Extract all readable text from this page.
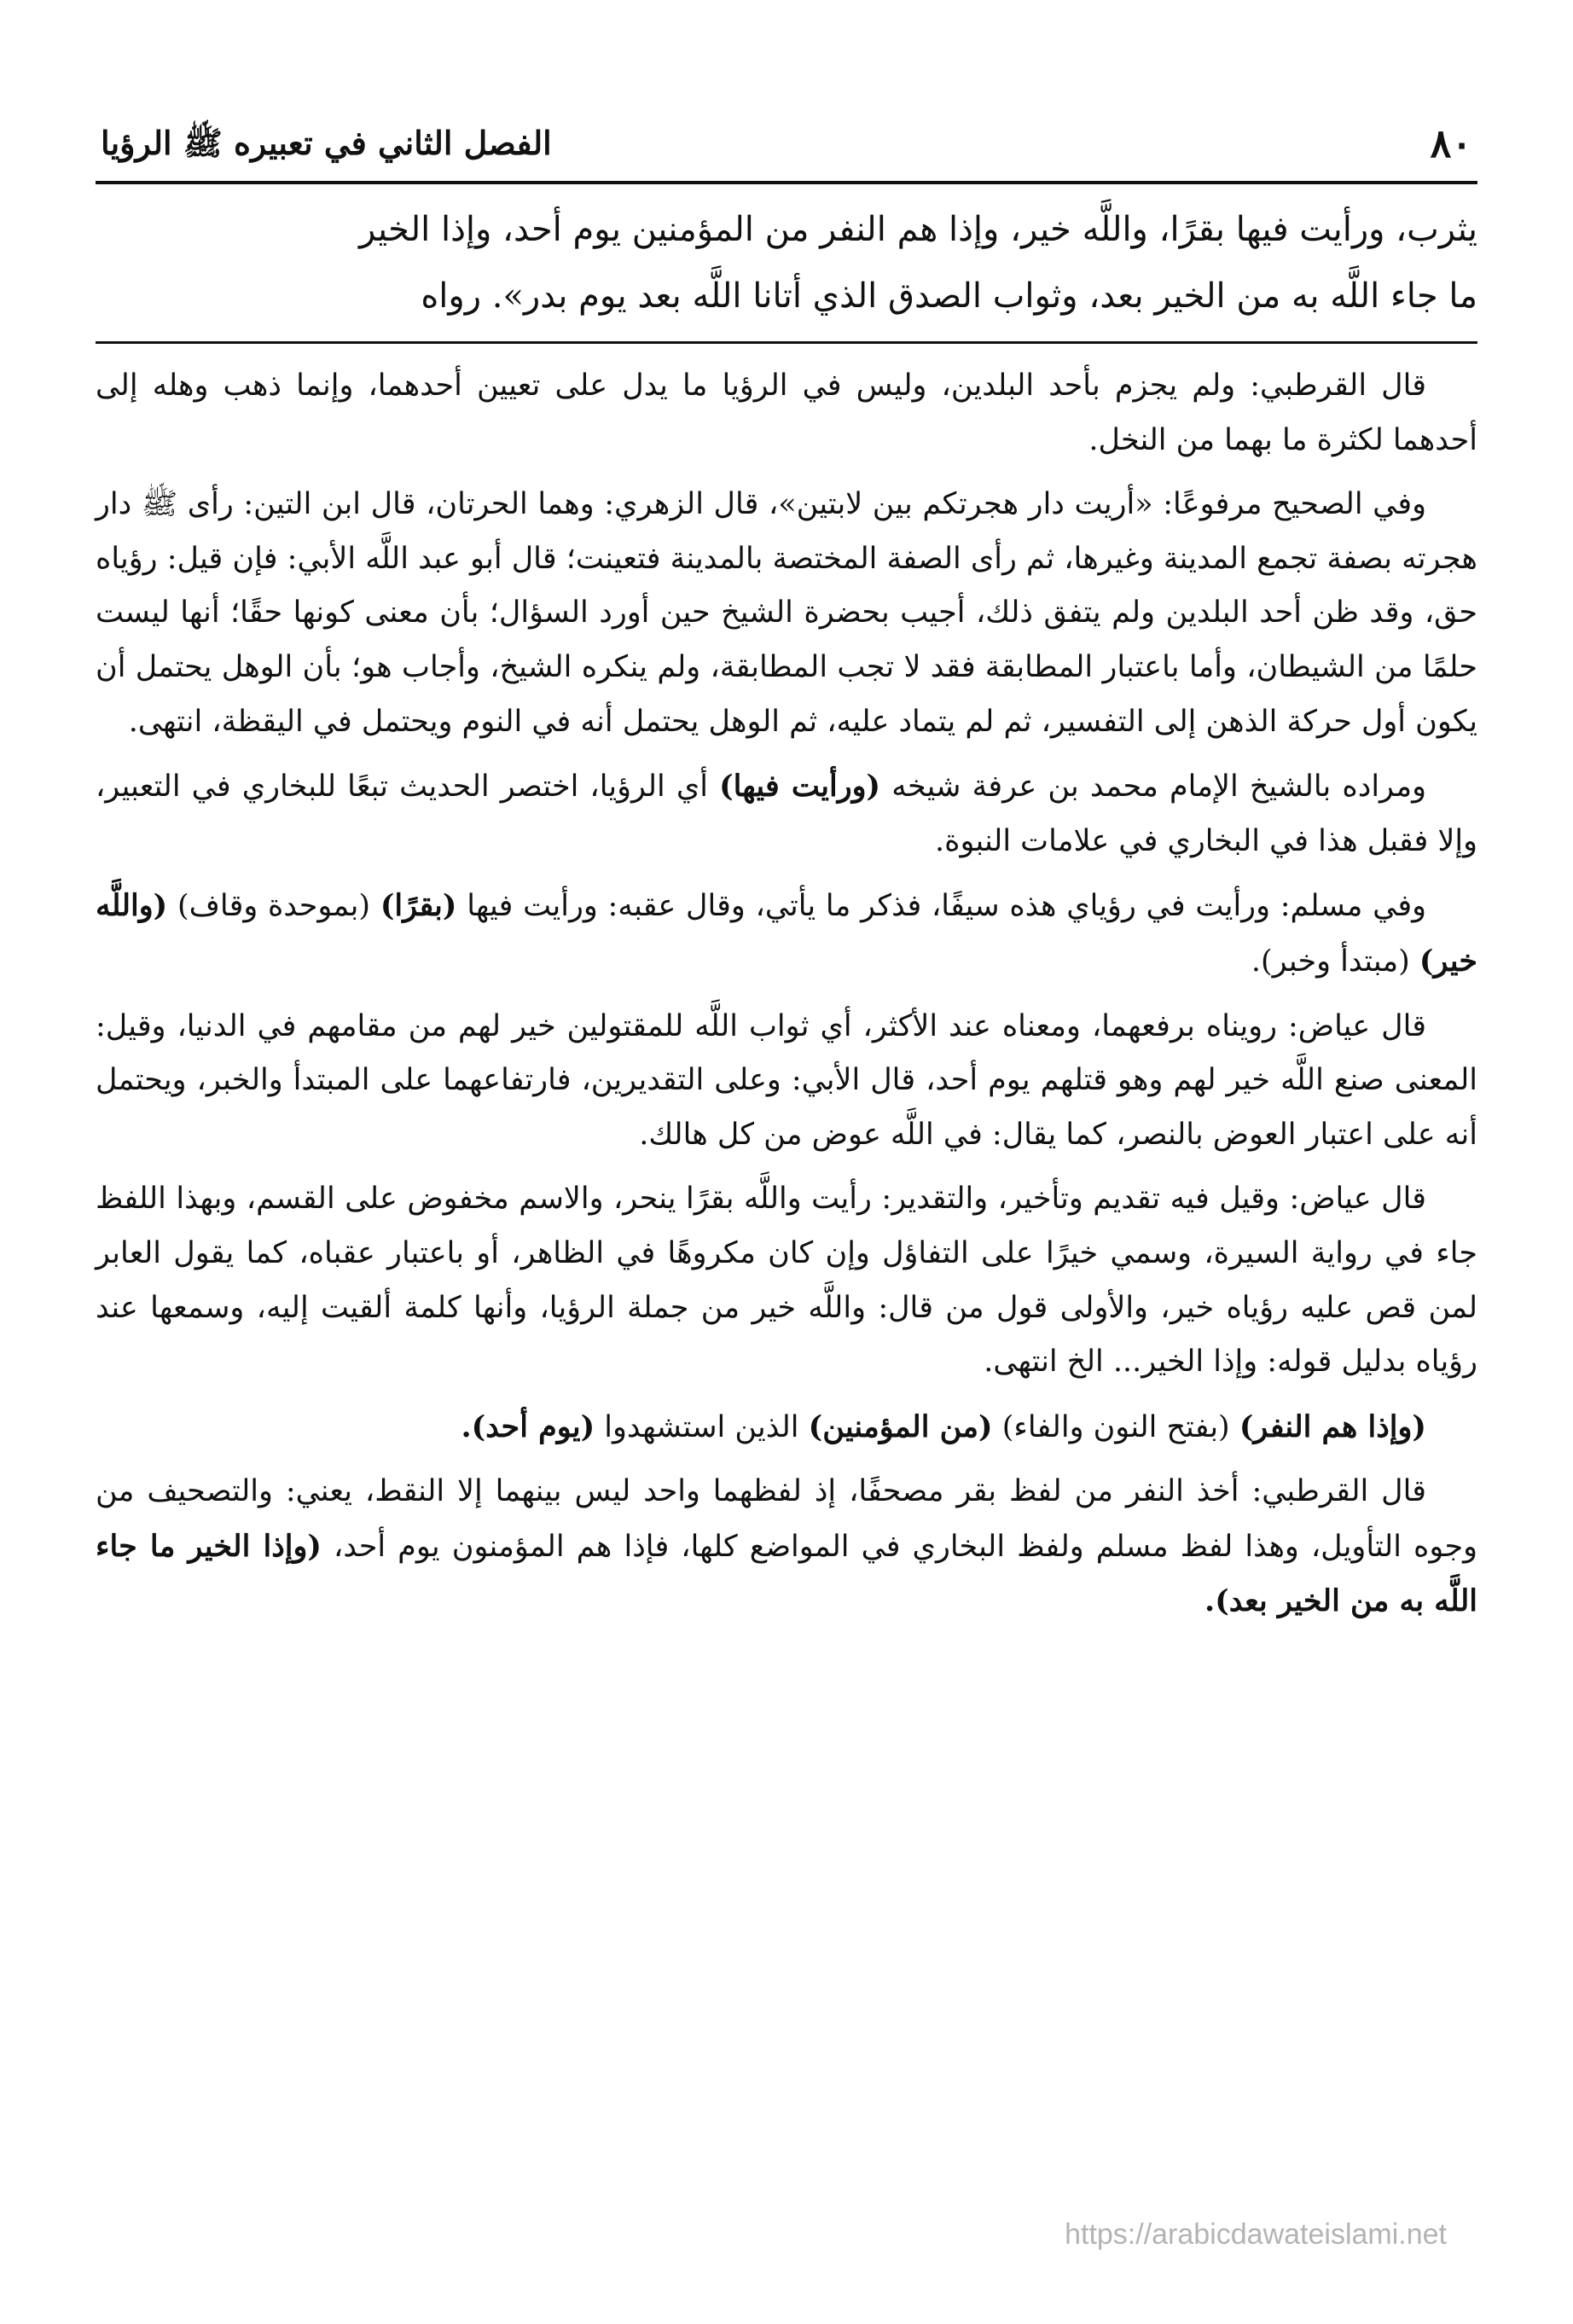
٨٠
الفصل الثاني في تعبيره ﷺ الرؤيا

يثرب، ورأيت فيها بقرًا، واللَّه خير، وإذا هم النفر من المؤمنين يوم أحد، وإذا الخير

ما جاء اللَّه به من الخير بعد، وثواب الصدق الذي أتانا اللَّه بعد يوم بدر». رواه

قال القرطبي: ولم يجزم بأحد البلدين، وليس في الرؤيا ما يدل على تعيين أحدهما، وإنما ذهب وهله إلى أحدهما لكثرة ما بهما من النخل.

وفي الصحيح مرفوعًا: «أريت دار هجرتكم بين لابتين»، قال الزهري: وهما الحرتان، قال ابن التين: رأى ﷺ دار هجرته بصفة تجمع المدينة وغيرها، ثم رأى الصفة المختصة بالمدينة فتعينت؛ قال أبو عبد اللَّه الأبي: فإن قيل: رؤياه حق، وقد ظن أحد البلدين ولم يتفق ذلك، أجيب بحضرة الشيخ حين أورد السؤال؛ بأن معنى كونها حقًا؛ أنها ليست حلمًا من الشيطان، وأما باعتبار المطابقة فقد لا تجب المطابقة، ولم ينكره الشيخ، وأجاب هو؛ بأن الوهل يحتمل أن يكون أول حركة الذهن إلى التفسير، ثم لم يتماد عليه، ثم الوهل يحتمل أنه في النوم ويحتمل في اليقظة، انتهى.

ومراده بالشيخ الإمام محمد بن عرفة شيخه (ورأيت فيها) أي الرؤيا، اختصر الحديث تبعًا للبخاري في التعبير، وإلا فقبل هذا في البخاري في علامات النبوة.

وفي مسلم: ورأيت في رؤياي هذه سيفًا، فذكر ما يأتي، وقال عقبه: ورأيت فيها (بقرًا) (بموحدة وقاف) (واللَّه خير) (مبتدأ وخبر).

قال عياض: رويناه برفعهما، ومعناه عند الأكثر، أي ثواب اللَّه للمقتولين خير لهم من مقامهم في الدنيا، وقيل: المعنى صنع اللَّه خير لهم وهو قتلهم يوم أحد، قال الأبي: وعلى التقديرين، فارتفاعهما على المبتدأ والخبر، ويحتمل أنه على اعتبار العوض بالنصر، كما يقال: في اللَّه عوض من كل هالك.

قال عياض: وقيل فيه تقديم وتأخير، والتقدير: رأيت واللَّه بقرًا ينحر، والاسم مخفوض على القسم، وبهذا اللفظ جاء في رواية السيرة، وسمي خيرًا على التفاؤل وإن كان مكروهًا في الظاهر، أو باعتبار عقباه، كما يقول العابر لمن قص عليه رؤياه خير، والأولى قول من قال: واللَّه خير من جملة الرؤيا، وأنها كلمة ألقيت إليه، وسمعها عند رؤياه بدليل قوله: وإذا الخير... الخ انتهى.

(وإذا هم النفر) (بفتح النون والفاء) (من المؤمنين) الذين استشهدوا (يوم أحد).

قال القرطبي: أخذ النفر من لفظ بقر مصحفًا، إذ لفظهما واحد ليس بينهما إلا النقط، يعني: والتصحيف من وجوه التأويل، وهذا لفظ مسلم ولفظ البخاري في المواضع كلها، فإذا هم المؤمنون يوم أحد، (وإذا الخير ما جاء اللَّه به من الخير بعد).

https://arabicdawateislami.net
